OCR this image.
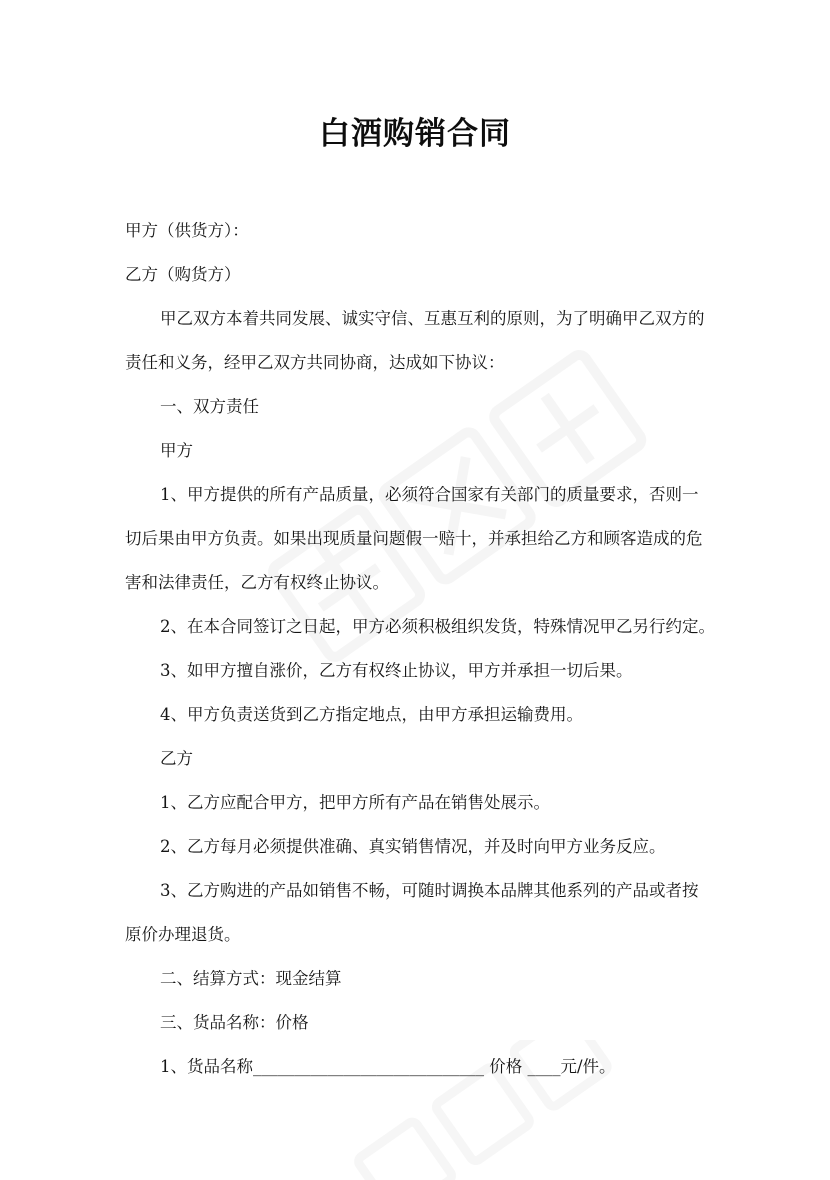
白酒购销合同
甲方（供货方）：
乙方（购货方）
甲乙双方本着共同发展、诚实守信、互惠互利的原则，为了明确甲乙双方的
责任和义务，经甲乙双方共同协商，达成如下协议：
一、双方责任
甲方
1、甲方提供的所有产品质量，必须符合国家有关部门的质量要求，否则一
切后果由甲方负责。如果出现质量问题假一赔十，并承担给乙方和顾客造成的危
害和法律责任，乙方有权终止协议。
2、在本合同签订之日起，甲方必须积极组织发货，特殊情况甲乙另行约定。
3、如甲方擅自涨价，乙方有权终止协议，甲方并承担一切后果。
4、甲方负责送货到乙方指定地点，由甲方承担运输费用。
乙方
1、乙方应配合甲方，把甲方所有产品在销售处展示。
2、乙方每月必须提供准确、真实销售情况，并及时向甲方业务反应。
3、乙方购进的产品如销售不畅，可随时调换本品牌其他系列的产品或者按
原价办理退货。
二、结算方式：现金结算
三、货品名称：价格
1、货品名称____________________________ 价格 ____元/件。
